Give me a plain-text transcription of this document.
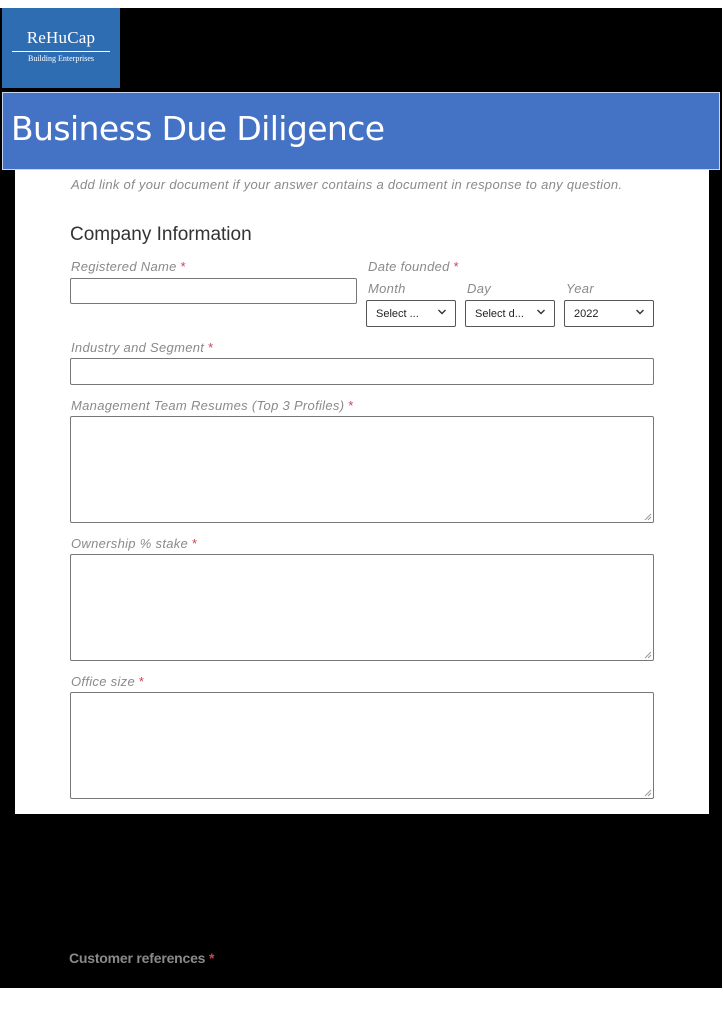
ReHuCap
Building Enterprises
Business Due Diligence
Add link of your document if your answer contains a document in response to any question.
Company Information
Registered Name *	Date founded *
Month	Day	Year
Select ...	Select d...	2022
Industry and Segment *
Management Team Resumes (Top 3 Profiles) *
Ownership % stake *
Office size *
Customer references *
